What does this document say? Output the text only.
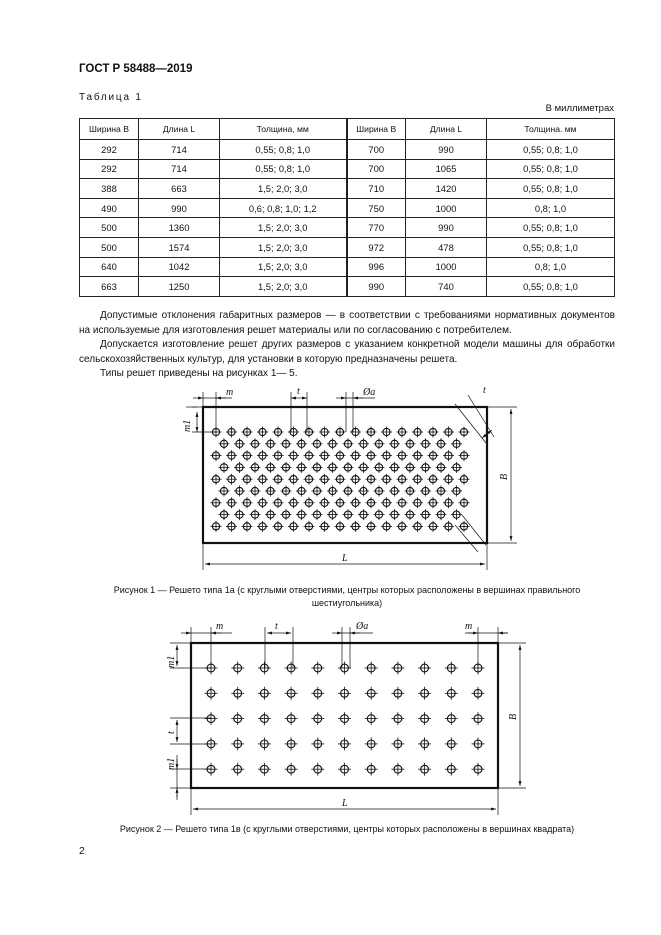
ГОСТ Р 58488—2019
Таблица 1
В миллиметрах
Ширина B	Длина L	Толщина, мм	Ширина B	Длина L	Толщина. мм
292	714	0,55; 0,8; 1,0	700	990	0,55; 0,8; 1,0
292	714	0,55; 0,8; 1,0	700	1065	0,55; 0,8; 1,0
388	663	1,5; 2,0; 3,0	710	1420	0,55; 0,8; 1,0
490	990	0,6; 0,8; 1,0; 1,2	750	1000	0,8; 1,0
500	1360	1,5; 2,0; 3,0	770	990	0,55; 0,8; 1,0
500	1574	1,5; 2,0; 3,0	972	478	0,55; 0,8; 1,0
640	1042	1,5; 2,0; 3,0	996	1000	0,8; 1,0
663	1250	1,5; 2,0; 3,0	990	740	0,55; 0,8; 1,0
Допустимые отклонения габаритных размеров — в соответствии с требованиями нормативных документов на используемые для изготовления решет материалы или по согласованию с потребителем.
Допускается изготовление решет других размеров с указанием конкретной модели машины для обработки сельскохозяйственных культур, для установки в которую предназначены решета.
Типы решет приведены на рисунках 1— 5.
m	t	Øa	t
m1
B
L
m	t	Øa	m
m1
t
m1
B
L
Рисунок 1 — Решето типа 1а (с круглыми отверстиями, центры которых расположены в вершинах правильного шестиугольника)
Рисунок 2 — Решето типа 1в (с круглыми отверстиями, центры которых расположены в вершинах квадрата)
2
